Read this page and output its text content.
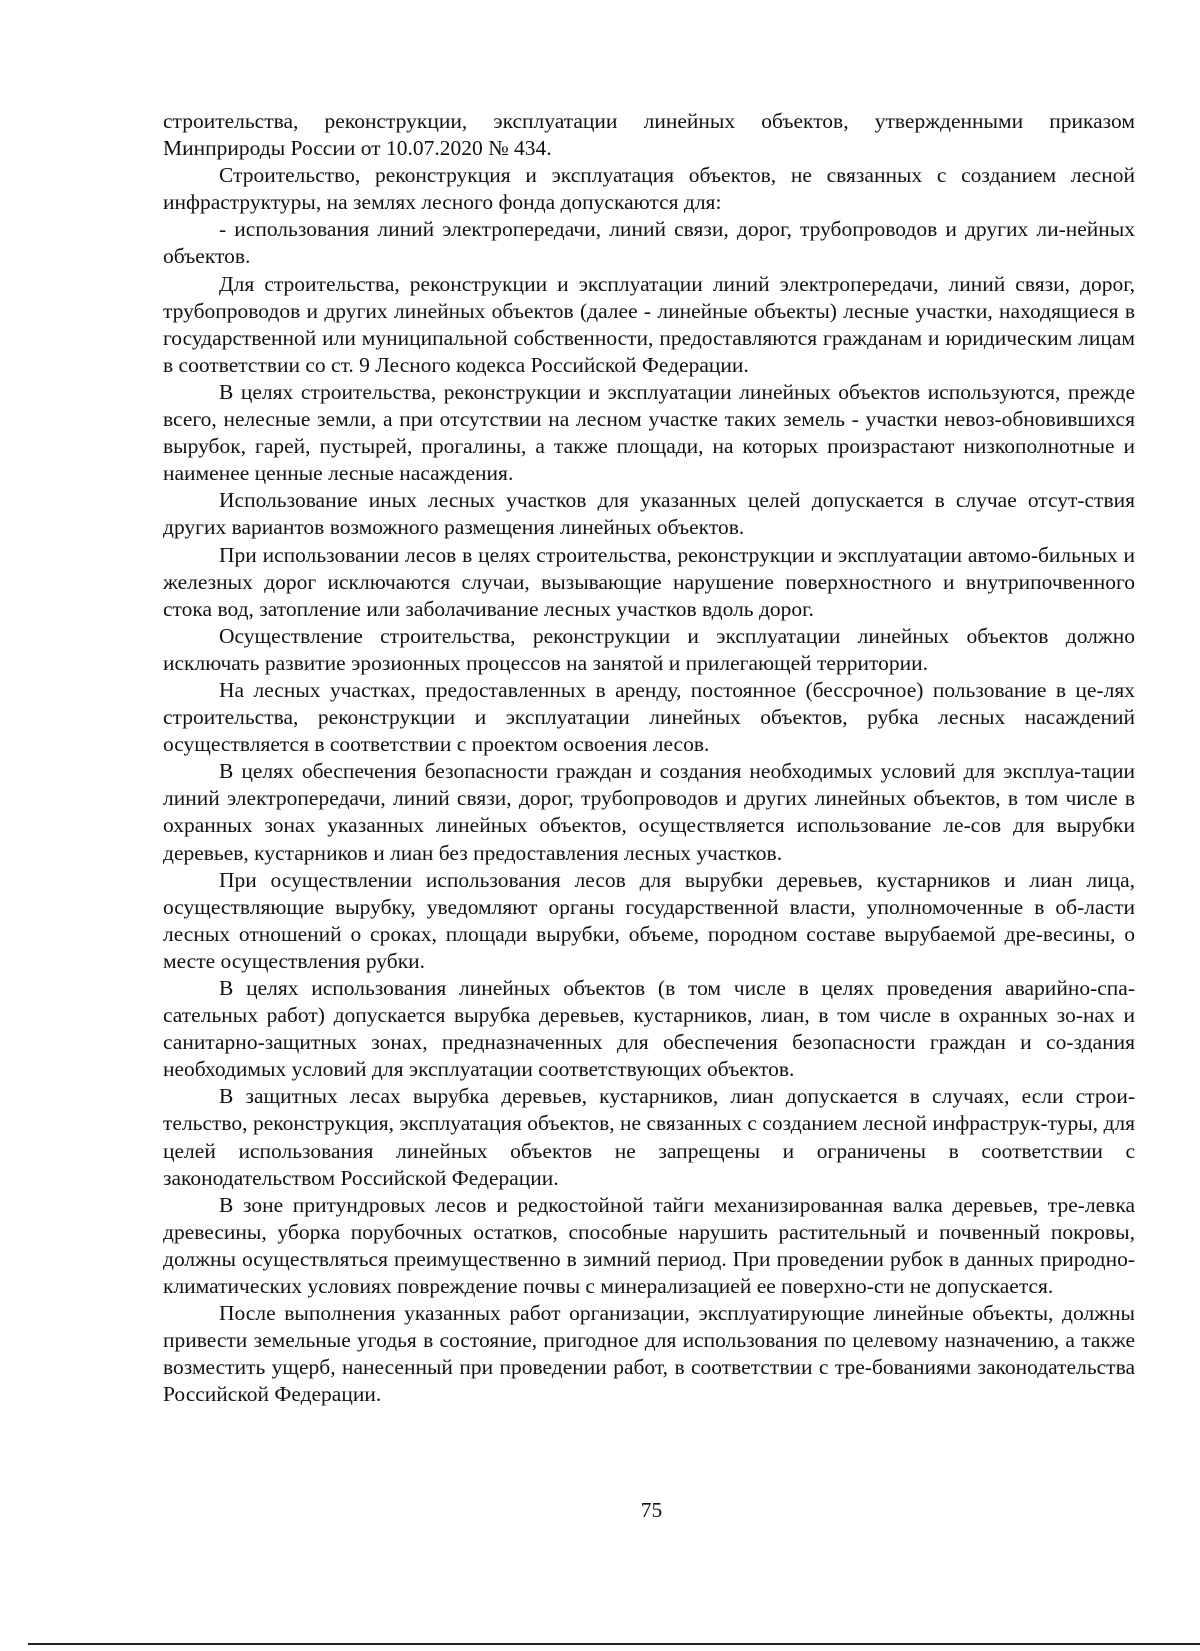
строительства, реконструкции, эксплуатации линейных объектов, утвержденными приказом Минприроды России от 10.07.2020 № 434.

Строительство, реконструкция и эксплуатация объектов, не связанных с созданием лесной инфраструктуры, на землях лесного фонда допускаются для:

- использования линий электропередачи, линий связи, дорог, трубопроводов и других ли-нейных объектов.

Для строительства, реконструкции и эксплуатации линий электропередачи, линий связи, дорог, трубопроводов и других линейных объектов (далее - линейные объекты) лесные участки, находящиеся в государственной или муниципальной собственности, предоставляются гражданам и юридическим лицам в соответствии со ст. 9 Лесного кодекса Российской Федерации.

В целях строительства, реконструкции и эксплуатации линейных объектов используются, прежде всего, нелесные земли, а при отсутствии на лесном участке таких земель - участки невоз-обновившихся вырубок, гарей, пустырей, прогалины, а также площади, на которых произрастают низкополнотные и наименее ценные лесные насаждения.

Использование иных лесных участков для указанных целей допускается в случае отсут-ствия других вариантов возможного размещения линейных объектов.

При использовании лесов в целях строительства, реконструкции и эксплуатации автомо-бильных и железных дорог исключаются случаи, вызывающие нарушение поверхностного и внутрипочвенного стока вод, затопление или заболачивание лесных участков вдоль дорог.

Осуществление строительства, реконструкции и эксплуатации линейных объектов должно исключать развитие эрозионных процессов на занятой и прилегающей территории.

На лесных участках, предоставленных в аренду, постоянное (бессрочное) пользование в це-лях строительства, реконструкции и эксплуатации линейных объектов, рубка лесных насаждений осуществляется в соответствии с проектом освоения лесов.

В целях обеспечения безопасности граждан и создания необходимых условий для эксплуа-тации линий электропередачи, линий связи, дорог, трубопроводов и других линейных объектов, в том числе в охранных зонах указанных линейных объектов, осуществляется использование ле-сов для вырубки деревьев, кустарников и лиан без предоставления лесных участков.

При осуществлении использования лесов для вырубки деревьев, кустарников и лиан лица, осуществляющие вырубку, уведомляют органы государственной власти, уполномоченные в об-ласти лесных отношений о сроках, площади вырубки, объеме, породном составе вырубаемой дре-весины, о месте осуществления рубки.

В целях использования линейных объектов (в том числе в целях проведения аварийно-спа-сательных работ) допускается вырубка деревьев, кустарников, лиан, в том числе в охранных зо-нах и санитарно-защитных зонах, предназначенных для обеспечения безопасности граждан и со-здания необходимых условий для эксплуатации соответствующих объектов.

В защитных лесах вырубка деревьев, кустарников, лиан допускается в случаях, если строи-тельство, реконструкция, эксплуатация объектов, не связанных с созданием лесной инфраструк-туры, для целей использования линейных объектов не запрещены и ограничены в соответствии с законодательством Российской Федерации.

В зоне притундровых лесов и редкостойной тайги механизированная валка деревьев, тре-левка древесины, уборка порубочных остатков, способные нарушить растительный и почвенный покровы, должны осуществляться преимущественно в зимний период. При проведении рубок в данных природно-климатических условиях повреждение почвы с минерализацией ее поверхно-сти не допускается.

После выполнения указанных работ организации, эксплуатирующие линейные объекты, должны привести земельные угодья в состояние, пригодное для использования по целевому назначению, а также возместить ущерб, нанесенный при проведении работ, в соответствии с тре-бованиями законодательства Российской Федерации.

75
